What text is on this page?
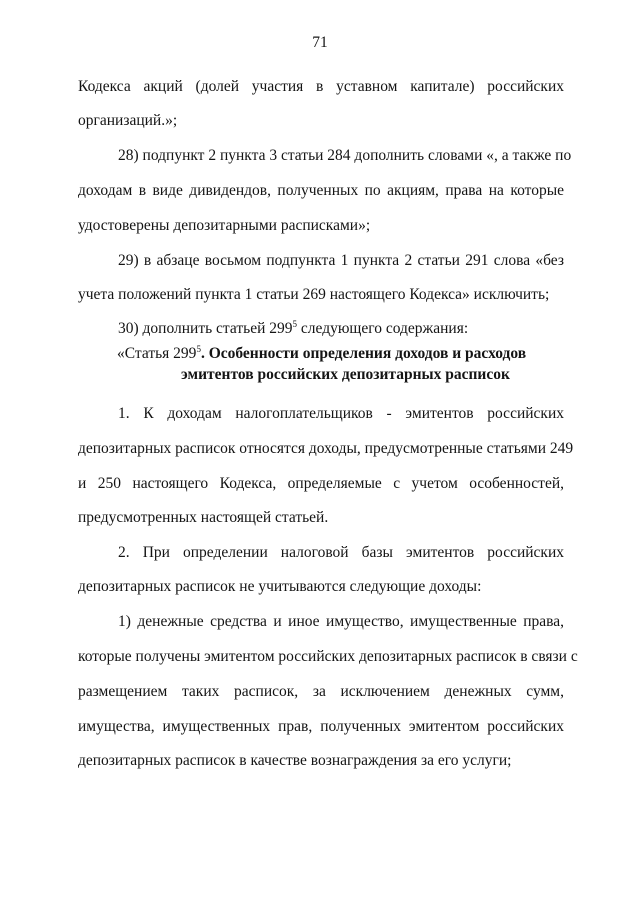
71
Кодекса акций (долей участия в уставном капитале) российских
организаций.»;
28) подпункт 2 пункта 3 статьи 284 дополнить словами «, а также по
доходам в виде дивидендов, полученных по акциям, права на которые
удостоверены депозитарными расписками»;
29) в абзаце восьмом подпункта 1 пункта 2 статьи 291 слова «без
учета положений пункта 1 статьи 269 настоящего Кодекса» исключить;
30) дополнить статьей $299^5$ следующего содержания:
«Статья $299^5$. Особенности определения доходов и расходов
эмитентов российских депозитарных расписок
1. К доходам налогоплательщиков - эмитентов российских
депозитарных расписок относятся доходы, предусмотренные статьями 249
и 250 настоящего Кодекса, определяемые с учетом особенностей,
предусмотренных настоящей статьей.
2. При определении налоговой базы эмитентов российских
депозитарных расписок не учитываются следующие доходы:
1) денежные средства и иное имущество, имущественные права,
которые получены эмитентом российских депозитарных расписок в связи с
размещением таких расписок, за исключением денежных сумм,
имущества, имущественных прав, полученных эмитентом российских
депозитарных расписок в качестве вознаграждения за его услуги;
